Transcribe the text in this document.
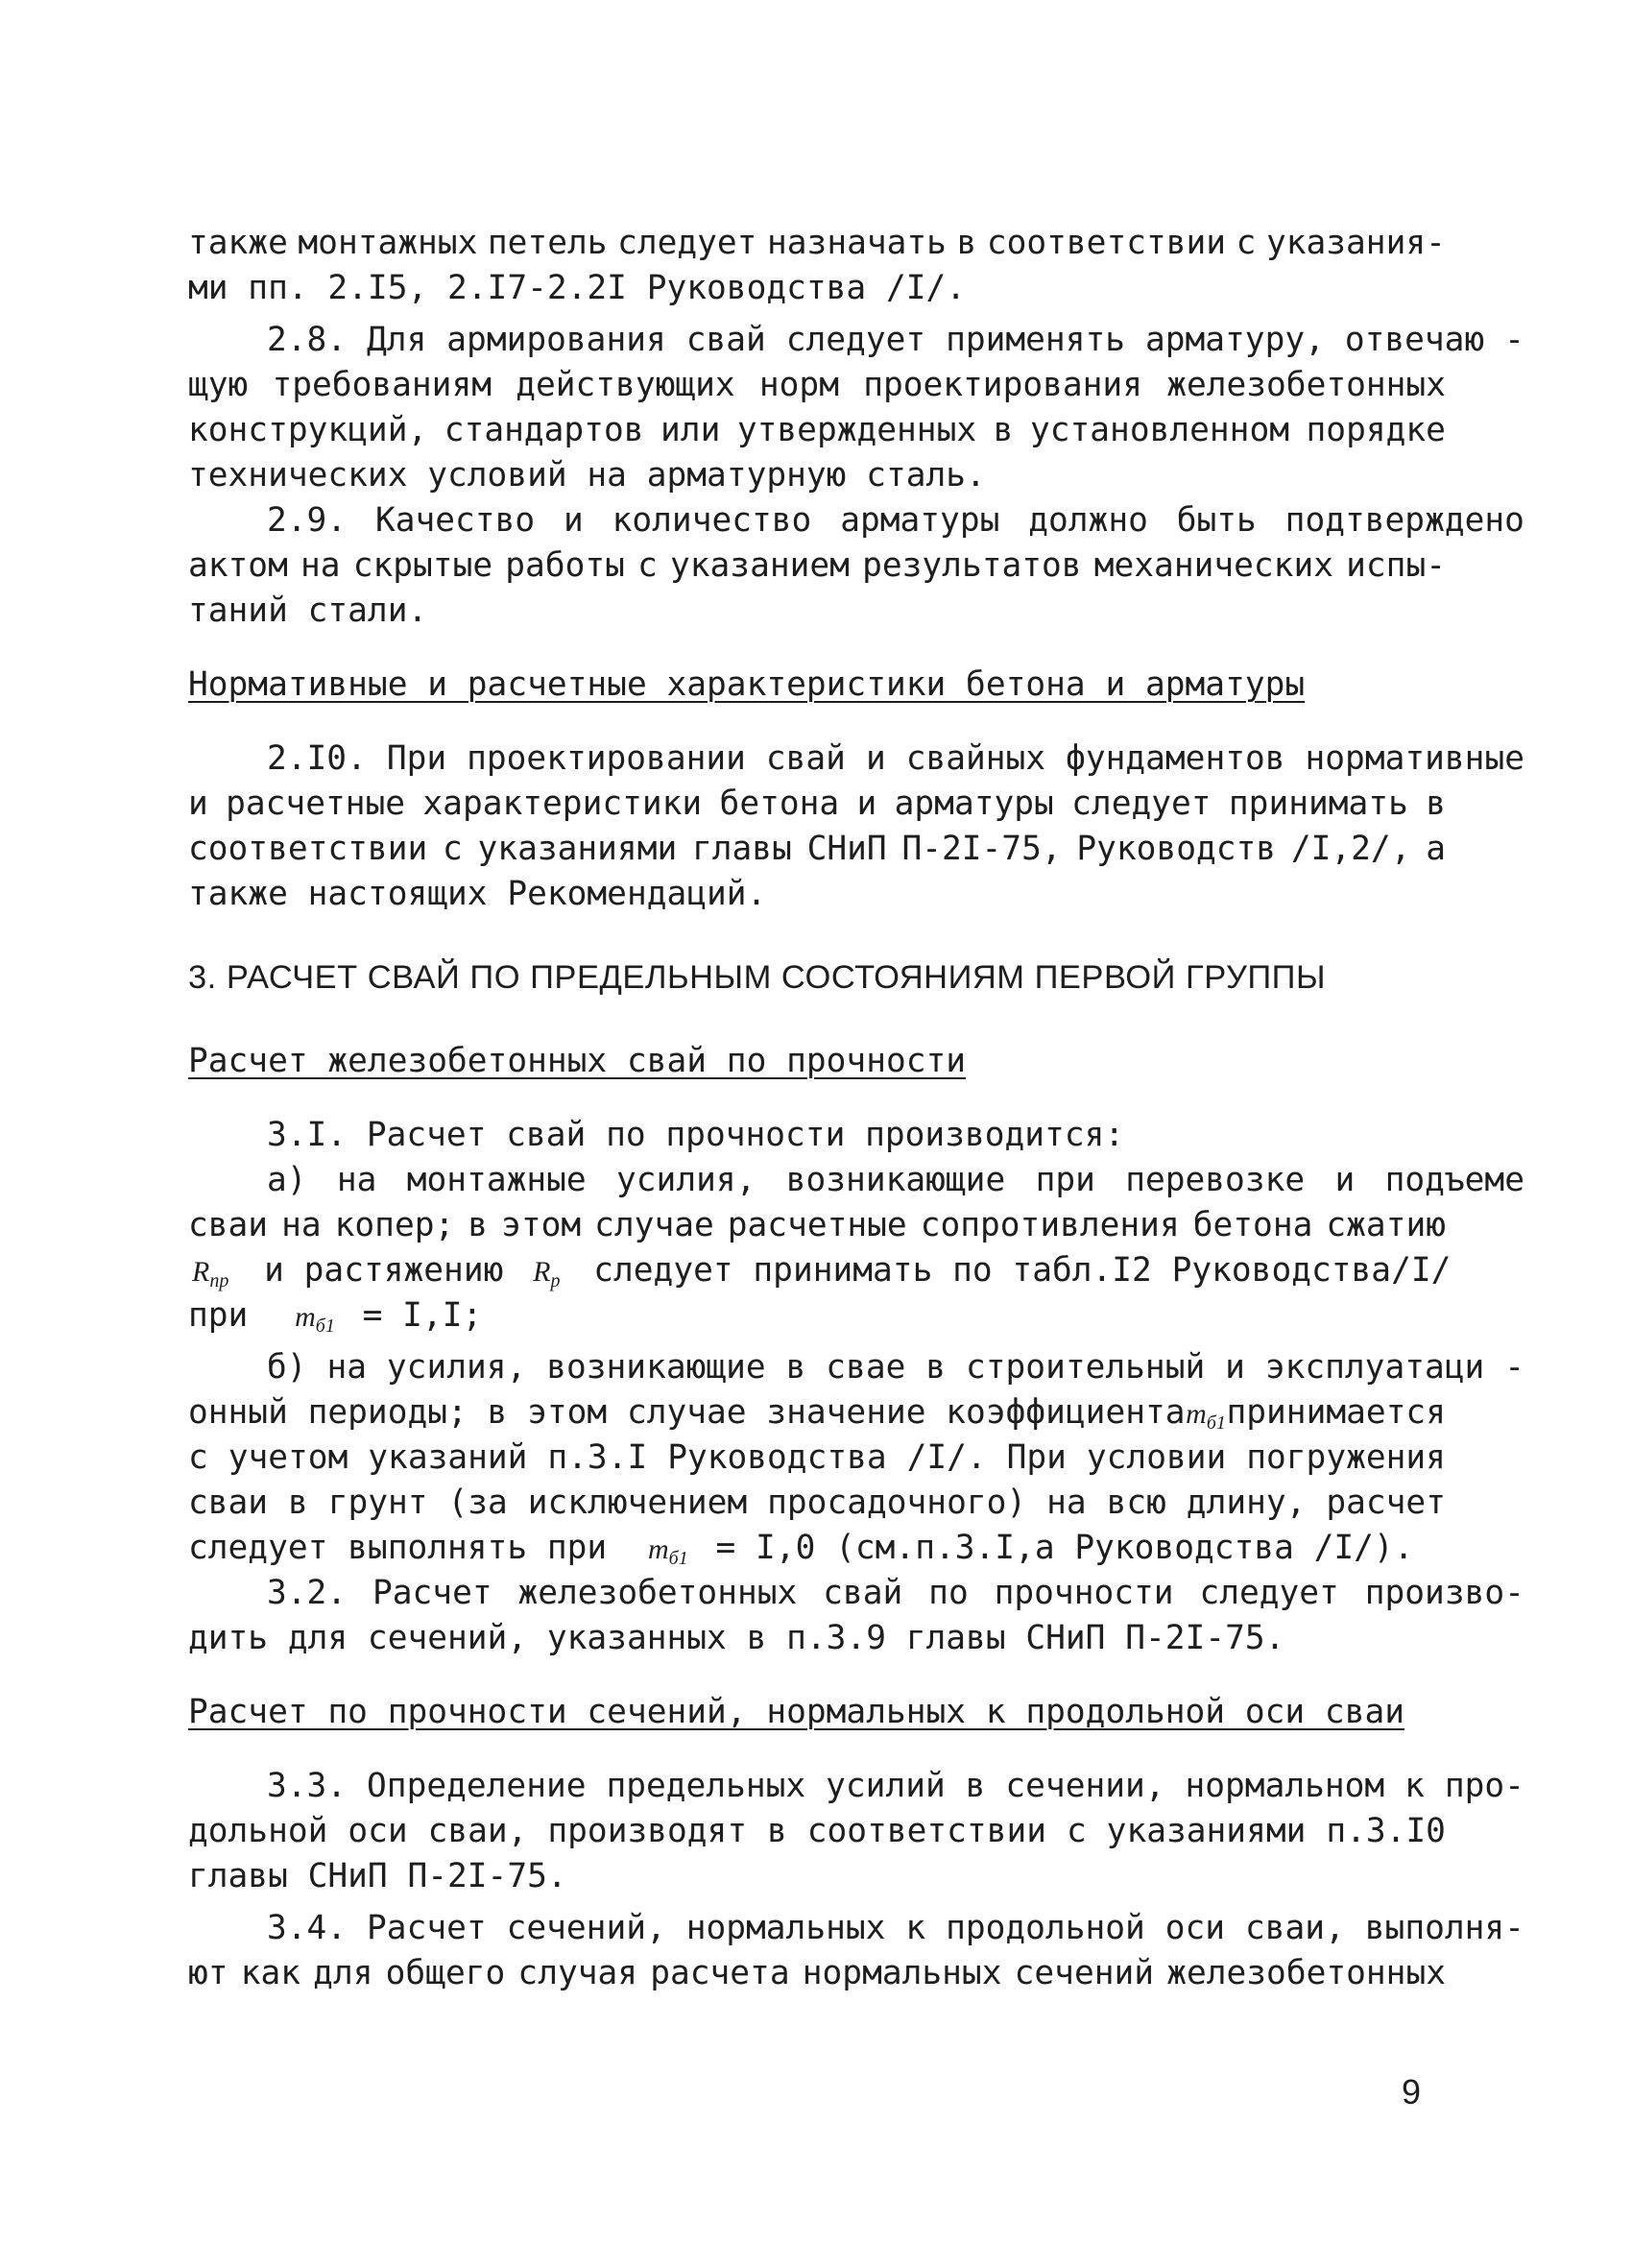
также монтажных петель следует назначать в соответствии с указания-
ми пп. 2.I5, 2.I7-2.2I Руководства /I/.
2.8. Для армирования свай следует применять арматуру, отвечаю -
щую требованиям действующих норм проектирования железобетонных
конструкций, стандартов или утвержденных в установленном порядке
технических условий на арматурную сталь.
2.9. Качество и количество арматуры должно быть подтверждено
актом на скрытые работы с указанием результатов механических испы-
таний стали.
Нормативные и расчетные характеристики бетона и арматуры
2.I0. При проектировании свай и свайных фундаментов нормативные
и расчетные характеристики бетона и арматуры следует принимать в
соответствии с указаниями главы СНиП П-2I-75, Руководств /I,2/, а
также настоящих Рекомендаций.
3. РАСЧЕТ СВАЙ ПО ПРЕДЕЛЬНЫМ СОСТОЯНИЯМ ПЕРВОЙ ГРУППЫ
Расчет железобетонных свай по прочности
3.I. Расчет свай по прочности производится:
а) на монтажные усилия, возникающие при перевозке и подъеме
сваи на копер; в этом случае расчетные сопротивления бетона сжатию
$R_{пр}$ и растяжению $R_р$ следует принимать по табл.I2 Руководства /I/
при $m_{б1} = I,I$;
б) на усилия, возникающие в свае в строительный и эксплуатаци -
онный периоды; в этом случае значение коэффициента $m_{б1}$ принимается
с учетом указаний п.3.I Руководства /I/. При условии погружения
сваи в грунт (за исключением просадочного) на всю длину, расчет
следует выполнять при $m_{б1} = I,0$ (см.п.3.I,а Руководства /I/).
3.2. Расчет железобетонных свай по прочности следует произво-
дить для сечений, указанных в п.3.9 главы СНиП П-2I-75.
Расчет по прочности сечений, нормальных к продольной оси сваи
3.3. Определение предельных усилий в сечении, нормальном к про-
дольной оси сваи, производят в соответствии с указаниями п.3.I0
главы СНиП П-2I-75.
3.4. Расчет сечений, нормальных к продольной оси сваи, выполня-
ют как для общего случая расчета нормальных сечений железобетонных
9
